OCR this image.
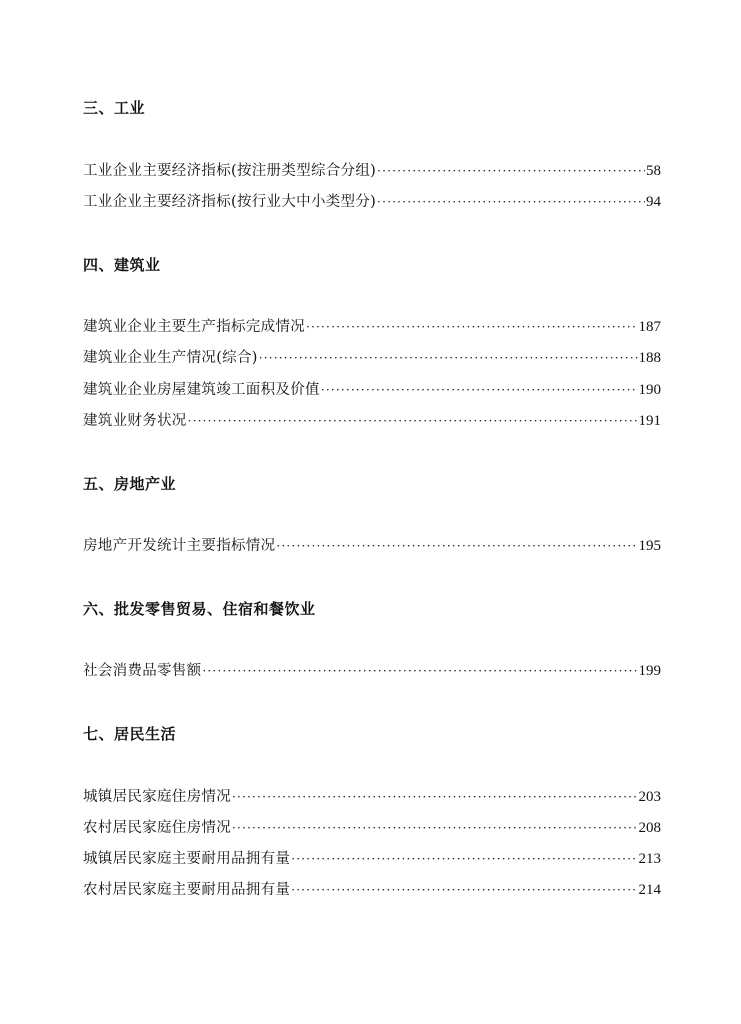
三、工业
工业企业主要经济指标(按注册类型综合分组) ·····	58
工业企业主要经济指标(按行业大中小类型分) ·····	94
四、建筑业
建筑业企业主要生产指标完成情况 ·····	187
建筑业企业生产情况(综合) ·····	188
建筑业企业房屋建筑竣工面积及价值 ·····	190
建筑业财务状况 ·····	191
五、房地产业
房地产开发统计主要指标情况 ·····	195
六、批发零售贸易、住宿和餐饮业
社会消费品零售额 ·····	199
七、居民生活
城镇居民家庭住房情况 ·····	203
农村居民家庭住房情况 ·····	208
城镇居民家庭主要耐用品拥有量 ·····	213
农村居民家庭主要耐用品拥有量 ·····	214
